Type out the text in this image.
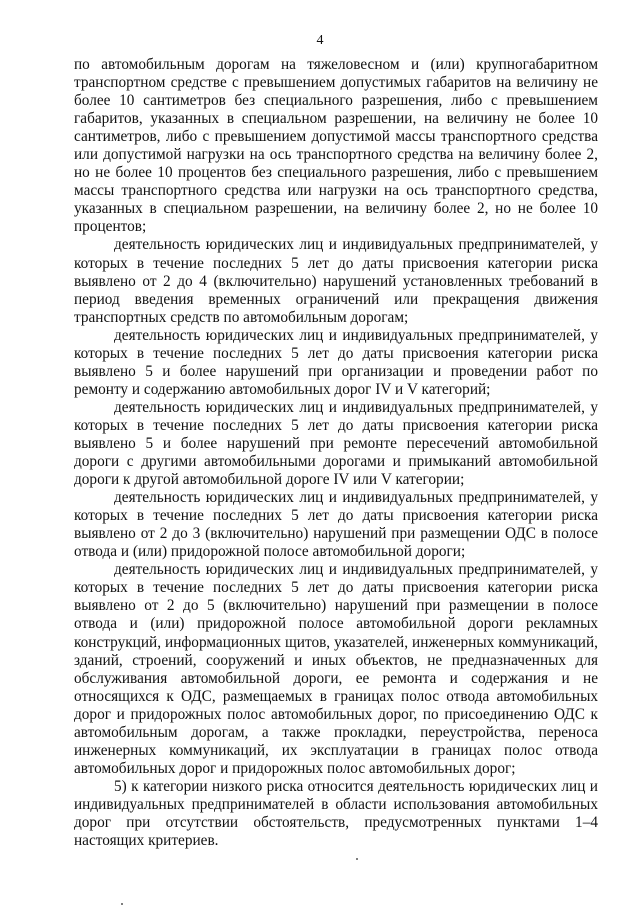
4

по автомобильным дорогам на тяжеловесном и (или) крупногабаритном транспортном средстве с превышением допустимых габаритов на величину не более 10 сантиметров без специального разрешения, либо с превышением габаритов, указанных в специальном разрешении, на величину не более 10 сантиметров, либо с превышением допустимой массы транспортного средства или допустимой нагрузки на ось транспортного средства на величину более 2, но не более 10 процентов без специального разрешения, либо с превышением массы транспортного средства или нагрузки на ось транспортного средства, указанных в специальном разрешении, на величину более 2, но не более 10 процентов;

деятельность юридических лиц и индивидуальных предпринимателей, у которых в течение последних 5 лет до даты присвоения категории риска выявлено от 2 до 4 (включительно) нарушений установленных требований в период введения временных ограничений или прекращения движения транспортных средств по автомобильным дорогам;

деятельность юридических лиц и индивидуальных предпринимателей, у которых в течение последних 5 лет до даты присвоения категории риска выявлено 5 и более нарушений при организации и проведении работ по ремонту и содержанию автомобильных дорог IV и V категорий;

деятельность юридических лиц и индивидуальных предпринимателей, у которых в течение последних 5 лет до даты присвоения категории риска выявлено 5 и более нарушений при ремонте пересечений автомобильной дороги с другими автомобильными дорогами и примыканий автомобильной дороги к другой автомобильной дороге IV или V категории;

деятельность юридических лиц и индивидуальных предпринимателей, у которых в течение последних 5 лет до даты присвоения категории риска выявлено от 2 до 3 (включительно) нарушений при размещении ОДС в полосе отвода и (или) придорожной полосе автомобильной дороги;

деятельность юридических лиц и индивидуальных предпринимателей, у которых в течение последних 5 лет до даты присвоения категории риска выявлено от 2 до 5 (включительно) нарушений при размещении в полосе отвода и (или) придорожной полосе автомобильной дороги рекламных конструкций, информационных щитов, указателей, инженерных коммуникаций, зданий, строений, сооружений и иных объектов, не предназначенных для обслуживания автомобильной дороги, ее ремонта и содержания и не относящихся к ОДС, размещаемых в границах полос отвода автомобильных дорог и придорожных полос автомобильных дорог, по присоединению ОДС к автомобильным дорогам, а также прокладки, переустройства, переноса инженерных коммуникаций, их эксплуатации в границах полос отвода автомобильных дорог и придорожных полос автомобильных дорог;

5) к категории низкого риска относится деятельность юридических лиц и индивидуальных предпринимателей в области использования автомобильных дорог при отсутствии обстоятельств, предусмотренных пунктами 1–4 настоящих критериев.
